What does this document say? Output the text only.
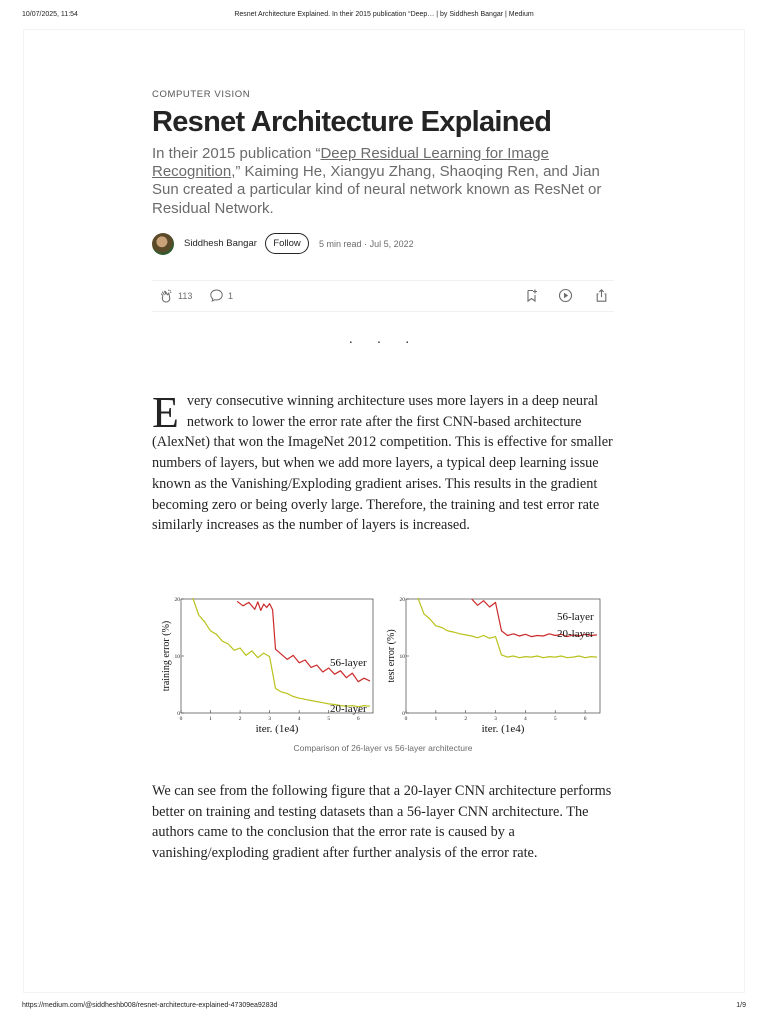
10/07/2025, 11:54	Resnet Architecture Explained. In their 2015 publication “Deep… | by Siddhesh Bangar | Medium
COMPUTER VISION
Resnet Architecture Explained
In their 2015 publication “Deep Residual Learning for Image Recognition,” Kaiming He, Xiangyu Zhang, Shaoqing Ren, and Jian Sun created a particular kind of neural network known as ResNet or Residual Network.
Siddhesh Bangar	Follow	5 min read · Jul 5, 2022
113	1
· · ·
Every consecutive winning architecture uses more layers in a deep neural network to lower the error rate after the first CNN-based architecture (AlexNet) that won the ImageNet 2012 competition. This is effective for smaller numbers of layers, but when we add more layers, a typical deep learning issue known as the Vanishing/Exploding gradient arises. This results in the gradient becoming zero or being overly large. Therefore, the training and test error rate similarly increases as the number of layers is increased.
0	1	2	3	4	5	6
0
10
20
iter. (1e4)
training error (%)	56-layer
20-layer
0	1	2	3	4	5	6
0
10
20
iter. (1e4)
test error (%)
56-layer
20-layer
Comparison of 26-layer vs 56-layer architecture
We can see from the following figure that a 20-layer CNN architecture performs better on training and testing datasets than a 56-layer CNN architecture. The authors came to the conclusion that the error rate is caused by a vanishing/exploding gradient after further analysis of the error rate.
https://medium.com/@siddheshb008/resnet-architecture-explained-47309ea9283d	1/9
